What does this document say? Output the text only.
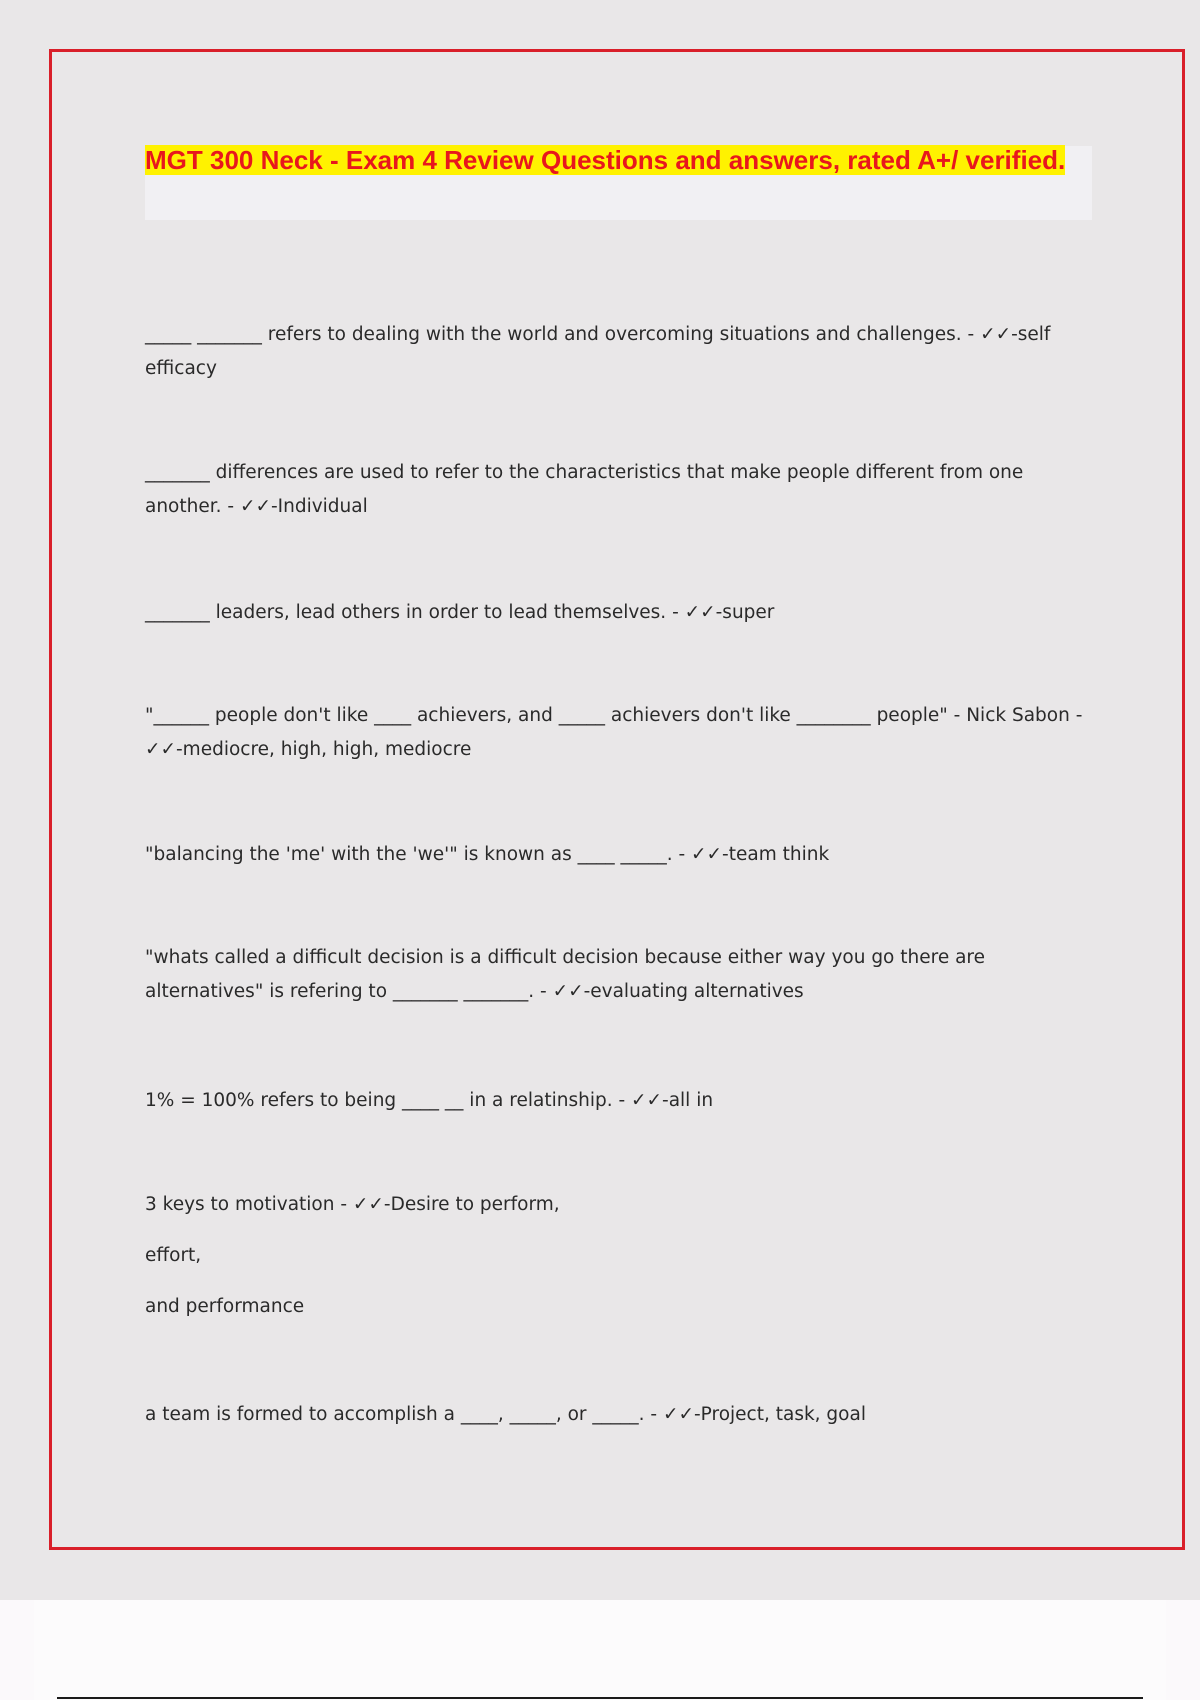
MGT 300 Neck - Exam 4 Review Questions and answers, rated A+/ verified.

_____ _______ refers to dealing with the world and overcoming situations and challenges. - ✓✓-self efficacy

_______ differences are used to refer to the characteristics that make people different from one another. - ✓✓-Individual

_______ leaders, lead others in order to lead themselves. - ✓✓-super

"______ people don't like ____ achievers, and _____ achievers don't like ________ people" - Nick Sabon - ✓✓-mediocre, high, high, mediocre

"balancing the 'me' with the 'we'" is known as ____ _____. - ✓✓-team think

"whats called a difficult decision is a difficult decision because either way you go there are alternatives" is refering to _______ _______. - ✓✓-evaluating alternatives

1% = 100% refers to being ____ __ in a relatinship. - ✓✓-all in

3 keys to motivation - ✓✓-Desire to perform,

effort,

and performance

a team is formed to accomplish a ____, _____, or _____. - ✓✓-Project, task, goal
